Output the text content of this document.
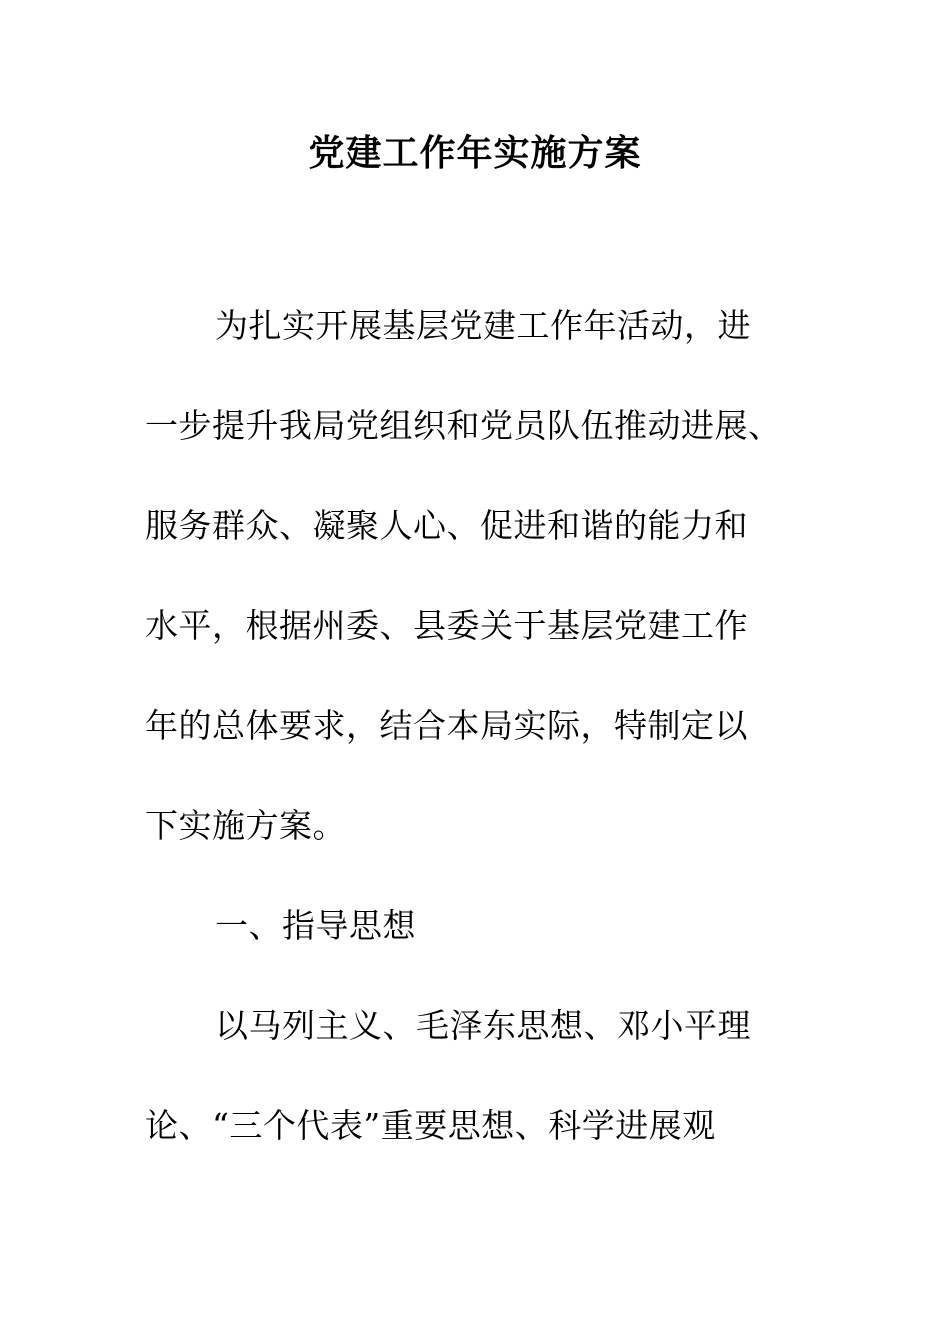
党建工作年实施方案
为扎实开展基层党建工作年活动，进
一步提升我局党组织和党员队伍推动进展、
服务群众、凝聚人心、促进和谐的能力和
水平，根据州委、县委关于基层党建工作
年的总体要求，结合本局实际，特制定以
下实施方案。
一、指导思想
以马列主义、毛泽东思想、邓小平理
论、“三个代表”重要思想、科学进展观
